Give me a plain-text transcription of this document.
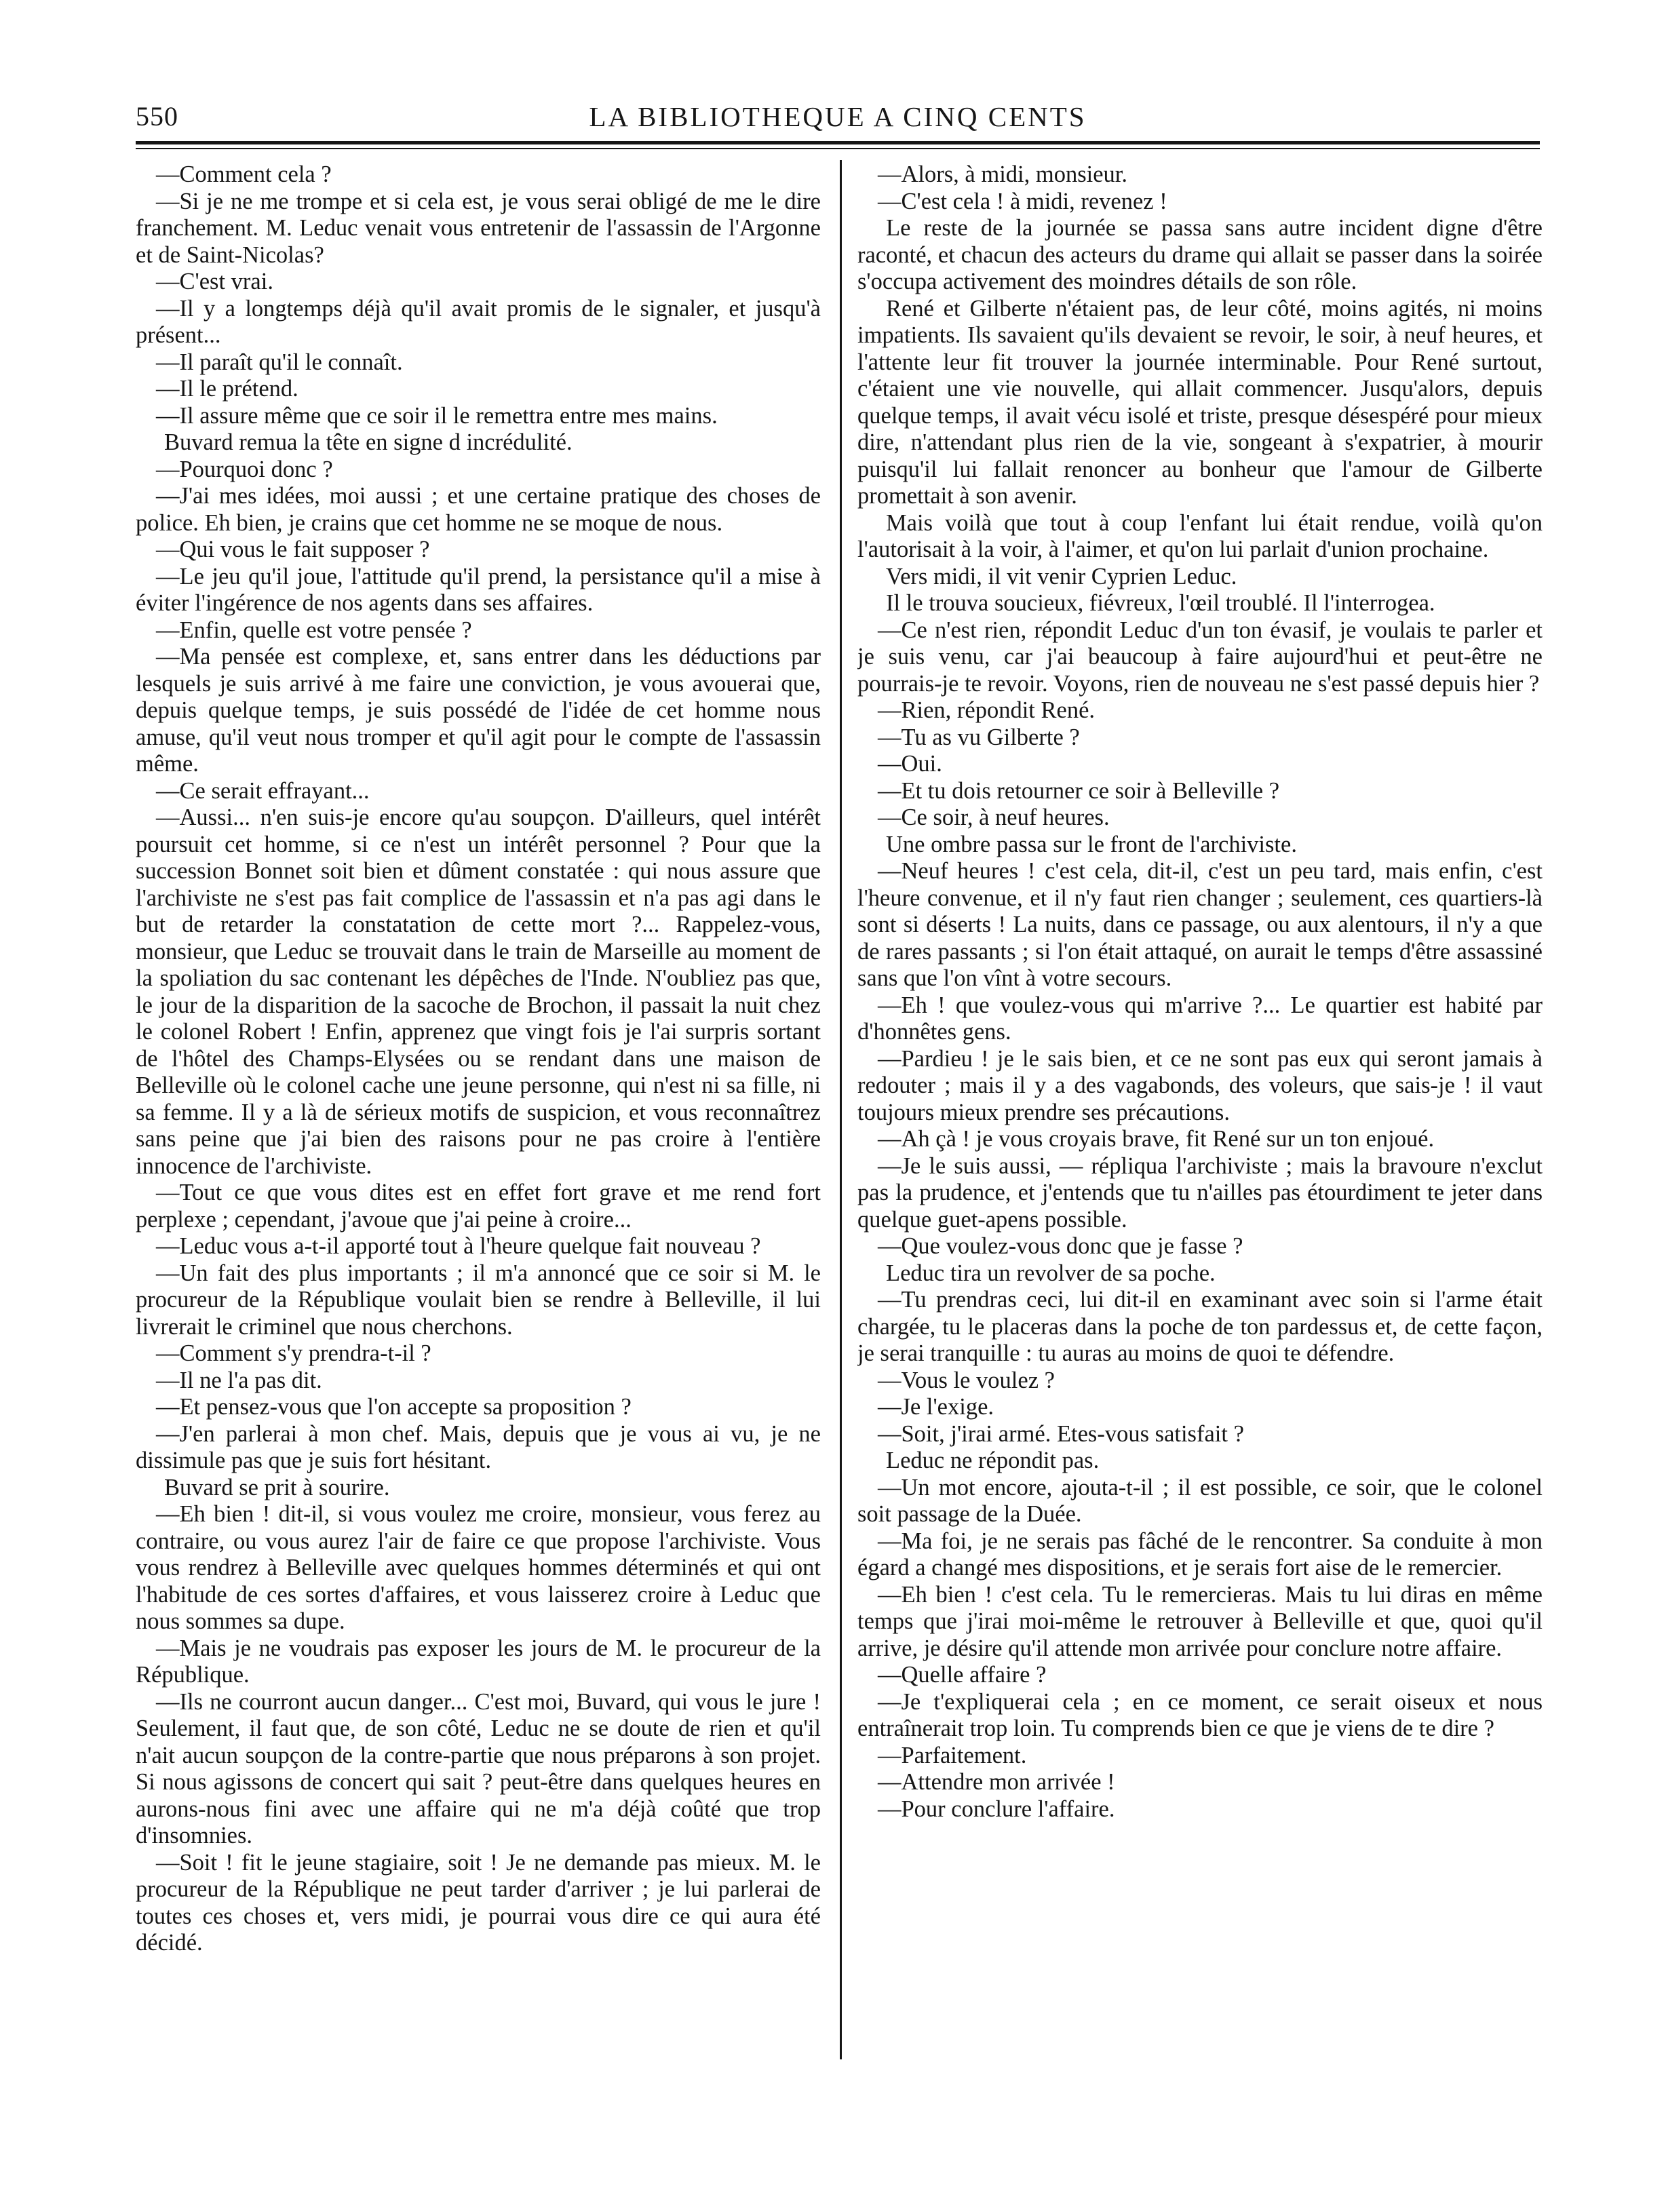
550	LA BIBLIOTHEQUE A CINQ CENTS

—Comment cela ?

—Si je ne me trompe et si cela est, je vous serai obligé de me le dire franchement. M. Leduc venait vous entretenir de l'assassin de l'Argonne et de Saint-Nicolas?

—C'est vrai.

—Il y a longtemps déjà qu'il avait promis de le signaler, et jusqu'à présent...

—Il paraît qu'il le connaît.

—Il le prétend.

—Il assure même que ce soir il le remettra entre mes mains.

Buvard remua la tête en signe d incrédulité.

—Pourquoi donc ?

—J'ai mes idées, moi aussi ; et une certaine pratique des choses de police. Eh bien, je crains que cet homme ne se moque de nous.

—Qui vous le fait supposer ?

—Le jeu qu'il joue, l'attitude qu'il prend, la persistance qu'il a mise à éviter l'ingérence de nos agents dans ses affaires.

—Enfin, quelle est votre pensée ?

—Ma pensée est complexe, et, sans entrer dans les déductions par lesquels je suis arrivé à me faire une conviction, je vous avouerai que, depuis quelque temps, je suis possédé de l'idée de cet homme nous amuse, qu'il veut nous tromper et qu'il agit pour le compte de l'assassin même.

—Ce serait effrayant...

—Aussi... n'en suis-je encore qu'au soupçon. D'ailleurs, quel intérêt poursuit cet homme, si ce n'est un intérêt personnel ? Pour que la succession Bonnet soit bien et dûment constatée : qui nous assure que l'archiviste ne s'est pas fait complice de l'assassin et n'a pas agi dans le but de retarder la constatation de cette mort ?... Rappelez-vous, monsieur, que Leduc se trouvait dans le train de Marseille au moment de la spoliation du sac contenant les dépêches de l'Inde. N'oubliez pas que, le jour de la disparition de la sacoche de Brochon, il passait la nuit chez le colonel Robert ! Enfin, apprenez que vingt fois je l'ai surpris sortant de l'hôtel des Champs-Elysées ou se rendant dans une maison de Belleville où le colonel cache une jeune personne, qui n'est ni sa fille, ni sa femme. Il y a là de sérieux motifs de suspicion, et vous reconnaîtrez sans peine que j'ai bien des raisons pour ne pas croire à l'entière innocence de l'archiviste.

—Tout ce que vous dites est en effet fort grave et me rend fort perplexe ; cependant, j'avoue que j'ai peine à croire...

—Leduc vous a-t-il apporté tout à l'heure quelque fait nouveau ?

—Un fait des plus importants ; il m'a annoncé que ce soir si M. le procureur de la République voulait bien se rendre à Belleville, il lui livrerait le criminel que nous cherchons.

—Comment s'y prendra-t-il ?

—Il ne l'a pas dit.

—Et pensez-vous que l'on accepte sa proposition ?

—J'en parlerai à mon chef. Mais, depuis que je vous ai vu, je ne dissimule pas que je suis fort hésitant.

Buvard se prit à sourire.

—Eh bien ! dit-il, si vous voulez me croire, monsieur, vous ferez au contraire, ou vous aurez l'air de faire ce que propose l'archiviste. Vous vous rendrez à Belleville avec quelques hommes déterminés et qui ont l'habitude de ces sortes d'affaires, et vous laisserez croire à Leduc que nous sommes sa dupe.

—Mais je ne voudrais pas exposer les jours de M. le procureur de la République.

—Ils ne courront aucun danger... C'est moi, Buvard, qui vous le jure ! Seulement, il faut que, de son côté, Leduc ne se doute de rien et qu'il n'ait aucun soupçon de la contre-partie que nous préparons à son projet. Si nous agissons de concert qui sait ? peut-être dans quelques heures en aurons-nous fini avec une affaire qui ne m'a déjà coûté que trop d'insomnies.

—Soit ! fit le jeune stagiaire, soit ! Je ne demande pas mieux. M. le procureur de la République ne peut tarder d'arriver ; je lui parlerai de toutes ces choses et, vers midi, je pourrai vous dire ce qui aura été décidé.

—Alors, à midi, monsieur.

—C'est cela ! à midi, revenez !

Le reste de la journée se passa sans autre incident digne d'être raconté, et chacun des acteurs du drame qui allait se passer dans la soirée s'occupa activement des moindres détails de son rôle.

René et Gilberte n'étaient pas, de leur côté, moins agités, ni moins impatients. Ils savaient qu'ils devaient se revoir, le soir, à neuf heures, et l'attente leur fit trouver la journée interminable. Pour René surtout, c'étaient une vie nouvelle, qui allait commencer. Jusqu'alors, depuis quelque temps, il avait vécu isolé et triste, presque désespéré pour mieux dire, n'attendant plus rien de la vie, songeant à s'expatrier, à mourir puisqu'il lui fallait renoncer au bonheur que l'amour de Gilberte promettait à son avenir.

Mais voilà que tout à coup l'enfant lui était rendue, voilà qu'on l'autorisait à la voir, à l'aimer, et qu'on lui parlait d'union prochaine.

Vers midi, il vit venir Cyprien Leduc.

Il le trouva soucieux, fiévreux, l'œil troublé. Il l'interrogea.

—Ce n'est rien, répondit Leduc d'un ton évasif, je voulais te parler et je suis venu, car j'ai beaucoup à faire aujourd'hui et peut-être ne pourrais-je te revoir. Voyons, rien de nouveau ne s'est passé depuis hier ?

—Rien, répondit René.

—Tu as vu Gilberte ?

—Oui.

—Et tu dois retourner ce soir à Belleville ?

—Ce soir, à neuf heures.

Une ombre passa sur le front de l'archiviste.

—Neuf heures ! c'est cela, dit-il, c'est un peu tard, mais enfin, c'est l'heure convenue, et il n'y faut rien changer ; seulement, ces quartiers-là sont si déserts ! La nuits, dans ce passage, ou aux alentours, il n'y a que de rares passants ; si l'on était attaqué, on aurait le temps d'être assassiné sans que l'on vînt à votre secours.

—Eh ! que voulez-vous qui m'arrive ?... Le quartier est habité par d'honnêtes gens.

—Pardieu ! je le sais bien, et ce ne sont pas eux qui seront jamais à redouter ; mais il y a des vagabonds, des voleurs, que sais-je ! il vaut toujours mieux prendre ses précautions.

—Ah çà ! je vous croyais brave, fit René sur un ton enjoué.

—Je le suis aussi, — répliqua l'archiviste ; mais la bravoure n'exclut pas la prudence, et j'entends que tu n'ailles pas étourdiment te jeter dans quelque guet-apens possible.

—Que voulez-vous donc que je fasse ?

Leduc tira un revolver de sa poche.

—Tu prendras ceci, lui dit-il en examinant avec soin si l'arme était chargée, tu le placeras dans la poche de ton pardessus et, de cette façon, je serai tranquille : tu auras au moins de quoi te défendre.

—Vous le voulez ?

—Je l'exige.

—Soit, j'irai armé. Etes-vous satisfait ?

Leduc ne répondit pas.

—Un mot encore, ajouta-t-il ; il est possible, ce soir, que le colonel soit passage de la Duée.

—Ma foi, je ne serais pas fâché de le rencontrer. Sa conduite à mon égard a changé mes dispositions, et je serais fort aise de le remercier.

—Eh bien ! c'est cela. Tu le remercieras. Mais tu lui diras en même temps que j'irai moi-même le retrouver à Belleville et que, quoi qu'il arrive, je désire qu'il attende mon arrivée pour conclure notre affaire.

—Quelle affaire ?

—Je t'expliquerai cela ; en ce moment, ce serait oiseux et nous entraînerait trop loin. Tu comprends bien ce que je viens de te dire ?

—Parfaitement.

—Attendre mon arrivée !

—Pour conclure l'affaire.
